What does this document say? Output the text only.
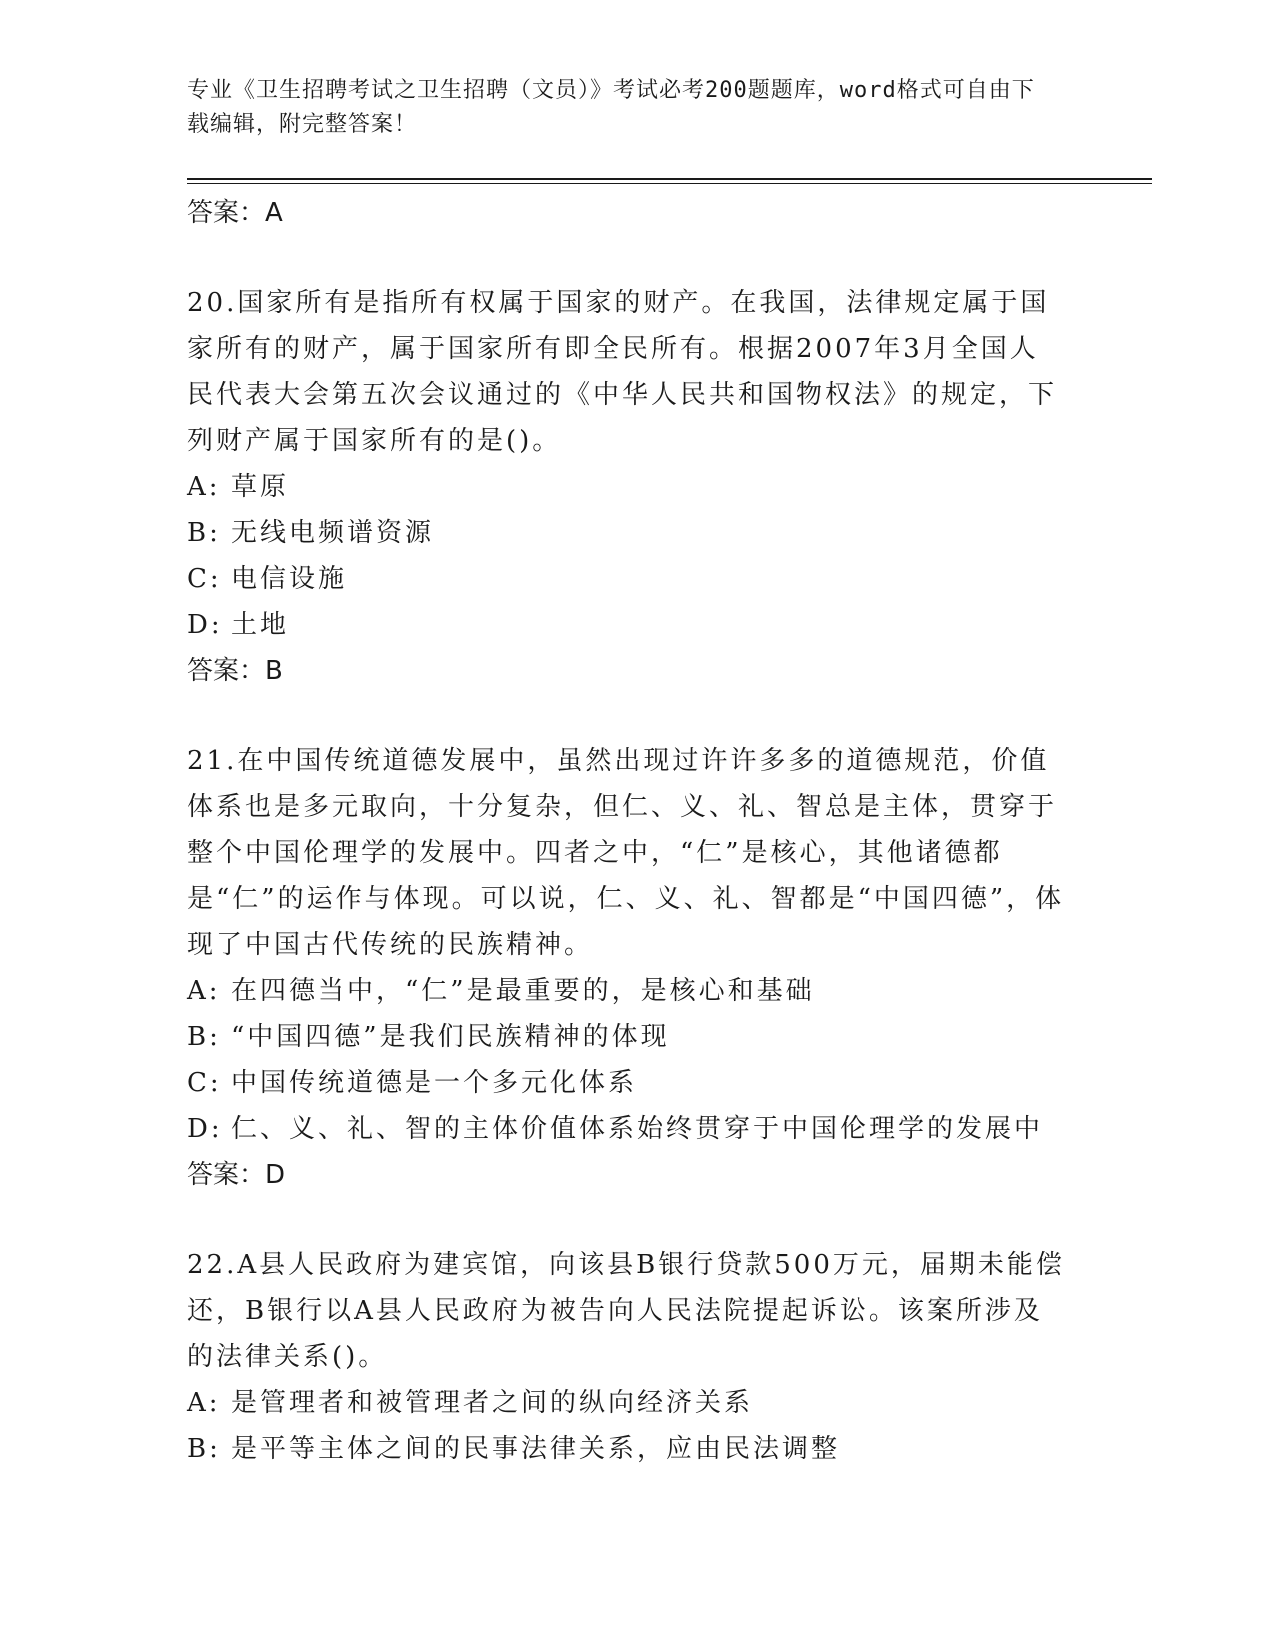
专业《卫生招聘考试之卫生招聘（文员）》考试必考200题题库，word格式可自由下载编辑，附完整答案！

答案：A

20.国家所有是指所有权属于国家的财产。在我国，法律规定属于国家所有的财产，属于国家所有即全民所有。根据2007年3月全国人民代表大会第五次会议通过的《中华人民共和国物权法》的规定，下列财产属于国家所有的是()。

A: 草原

B: 无线电频谱资源

C: 电信设施

D: 土地

答案：B

21.在中国传统道德发展中，虽然出现过许许多多的道德规范，价值体系也是多元取向，十分复杂，但仁、义、礼、智总是主体，贯穿于整个中国伦理学的发展中。四者之中，“仁”是核心，其他诸德都是“仁”的运作与体现。可以说，仁、义、礼、智都是“中国四德”，体现了中国古代传统的民族精神。

A: 在四德当中，“仁”是最重要的，是核心和基础

B: “中国四德”是我们民族精神的体现

C: 中国传统道德是一个多元化体系

D: 仁、义、礼、智的主体价值体系始终贯穿于中国伦理学的发展中

答案：D

22.A县人民政府为建宾馆，向该县B银行贷款500万元，届期未能偿还，B银行以A县人民政府为被告向人民法院提起诉讼。该案所涉及的法律关系()。

A: 是管理者和被管理者之间的纵向经济关系

B: 是平等主体之间的民事法律关系，应由民法调整
